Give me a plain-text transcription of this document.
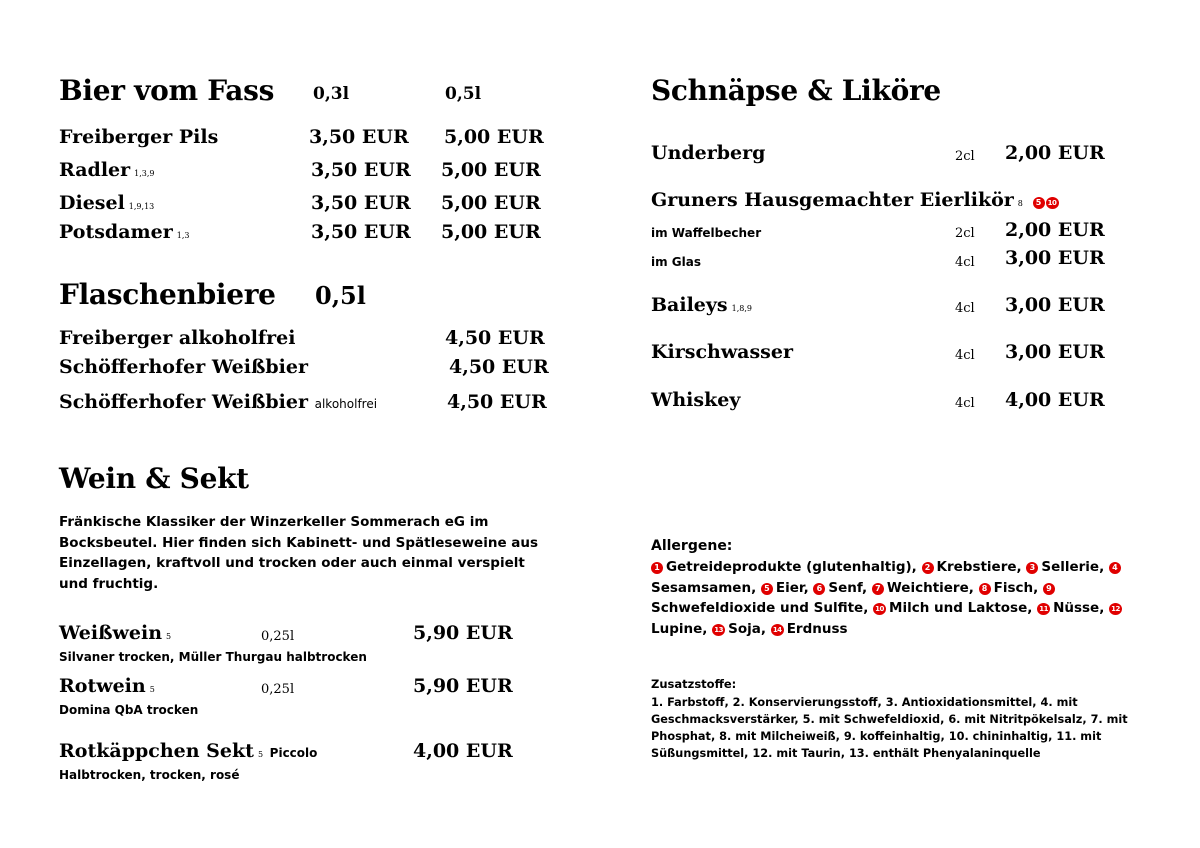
Bier vom Fass 0,3l	0,5l
Freiberger Pils	3,50 EUR 5,00 EUR
Radler 1,3,9	3,50 EUR 5,00 EUR
Diesel 1,9,13	3,50 EUR 5,00 EUR
Potsdamer 1,3	3,50 EUR 5,00 EUR
Flaschenbiere 0,5l
Freiberger alkoholfrei	4,50 EUR
Schöfferhofer Weißbier	4,50 EUR
Schöfferhofer Weißbier alkoholfrei	4,50 EUR
Wein & Sekt
Fränkische Klassiker der Winzerkeller Sommerach eG im Bocksbeutel. Hier finden sich Kabinett- und Spätleseweine aus Einzellagen, kraftvoll und trocken oder auch einmal verspielt und fruchtig.
Weißwein 5	0,25l	5,90 EUR
Silvaner trocken, Müller Thurgau halbtrocken
Rotwein 5	0,25l	5,90 EUR
Domina QbA trocken
Rotkäppchen Sekt 5 Piccolo	4,00 EUR
Halbtrocken, trocken, rosé
Schnäpse & Liköre
Underberg	2cl 2,00 EUR
Gruners Hausgemachter Eierlikör 8 5 10
im Waffelbecher	2cl 2,00 EUR
im Glas	4cl 3,00 EUR
Baileys 1,8,9	4cl 3,00 EUR
Kirschwasser	4cl 3,00 EUR
Whiskey	4cl 4,00 EUR
Allergene:
1 Getreideprodukte (glutenhaltig), 2 Krebstiere, 3 Sellerie, 4Sesamsamen, 5 Eier, 6 Senf, 7 Weichtiere, 8 Fisch, 9Schwefeldioxide und Sulfite, 10 Milch und Laktose, 11 Nüsse, 12Lupine, 13 Soja, 14 Erdnuss
Zusatzstoffe:
1. Farbstoff, 2. Konservierungsstoff, 3. Antioxidationsmittel, 4. mit Geschmacksverstärker, 5. mit Schwefeldioxid, 6. mit Nitritpökelsalz, 7. mit Phosphat, 8. mit Milcheiweiß, 9. koffeinhaltig, 10. chininhaltig, 11. mit Süßungsmittel, 12. mit Taurin, 13. enthält Phenyalaninquelle
